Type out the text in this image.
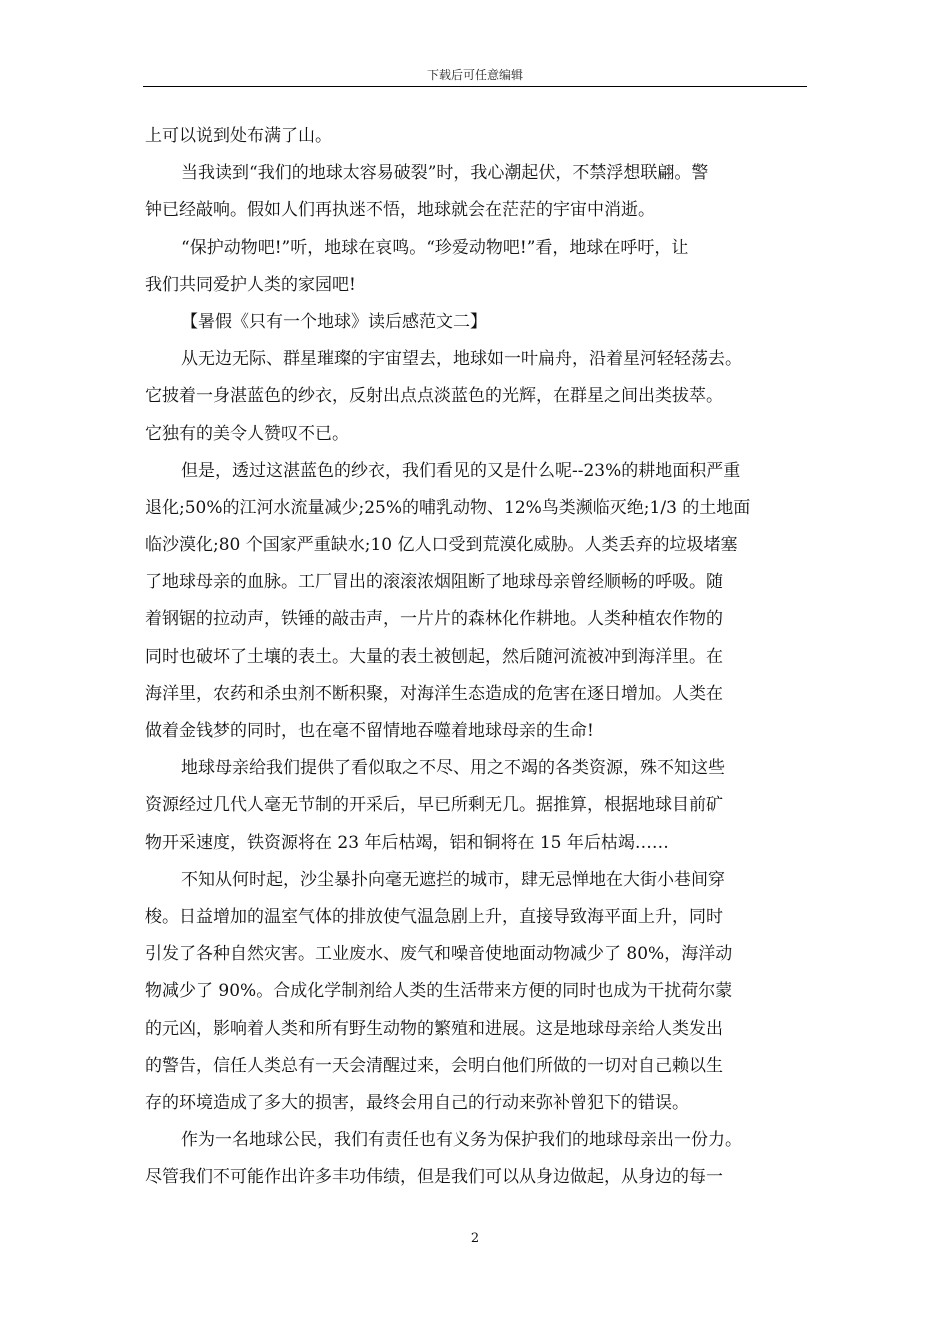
下载后可任意编辑
上可以说到处布满了山。
当我读到“我们的地球太容易破裂”时，我心潮起伏，不禁浮想联翩。警
钟已经敲响。假如人们再执迷不悟，地球就会在茫茫的宇宙中消逝。
“保护动物吧!”听，地球在哀鸣。“珍爱动物吧!”看，地球在呼吁，让
我们共同爱护人类的家园吧!
【暑假《只有一个地球》读后感范文二】
从无边无际、群星璀璨的宇宙望去，地球如一叶扁舟，沿着星河轻轻荡去。
它披着一身湛蓝色的纱衣，反射出点点淡蓝色的光辉，在群星之间出类拔萃。
它独有的美令人赞叹不已。
但是，透过这湛蓝色的纱衣，我们看见的又是什么呢--23%的耕地面积严重
退化;50%的江河水流量减少;25%的哺乳动物、12%鸟类濒临灭绝;1/3 的土地面
临沙漠化;80 个国家严重缺水;10 亿人口受到荒漠化威胁。人类丢弃的垃圾堵塞
了地球母亲的血脉。工厂冒出的滚滚浓烟阻断了地球母亲曾经顺畅的呼吸。随
着钢锯的拉动声，铁锤的敲击声，一片片的森林化作耕地。人类种植农作物的
同时也破坏了土壤的表土。大量的表土被刨起，然后随河流被冲到海洋里。在
海洋里，农药和杀虫剂不断积聚，对海洋生态造成的危害在逐日增加。人类在
做着金钱梦的同时，也在毫不留情地吞噬着地球母亲的生命!
地球母亲给我们提供了看似取之不尽、用之不竭的各类资源，殊不知这些
资源经过几代人毫无节制的开采后，早已所剩无几。据推算，根据地球目前矿
物开采速度，铁资源将在 23 年后枯竭，铝和铜将在 15 年后枯竭……
不知从何时起，沙尘暴扑向毫无遮拦的城市，肆无忌惮地在大街小巷间穿
梭。日益增加的温室气体的排放使气温急剧上升，直接导致海平面上升，同时
引发了各种自然灾害。工业废水、废气和噪音使地面动物减少了 80%，海洋动
物减少了 90%。合成化学制剂给人类的生活带来方便的同时也成为干扰荷尔蒙
的元凶，影响着人类和所有野生动物的繁殖和进展。这是地球母亲给人类发出
的警告，信任人类总有一天会清醒过来，会明白他们所做的一切对自己赖以生
存的环境造成了多大的损害，最终会用自己的行动来弥补曾犯下的错误。
作为一名地球公民，我们有责任也有义务为保护我们的地球母亲出一份力。
尽管我们不可能作出许多丰功伟绩，但是我们可以从身边做起，从身边的每一
2
